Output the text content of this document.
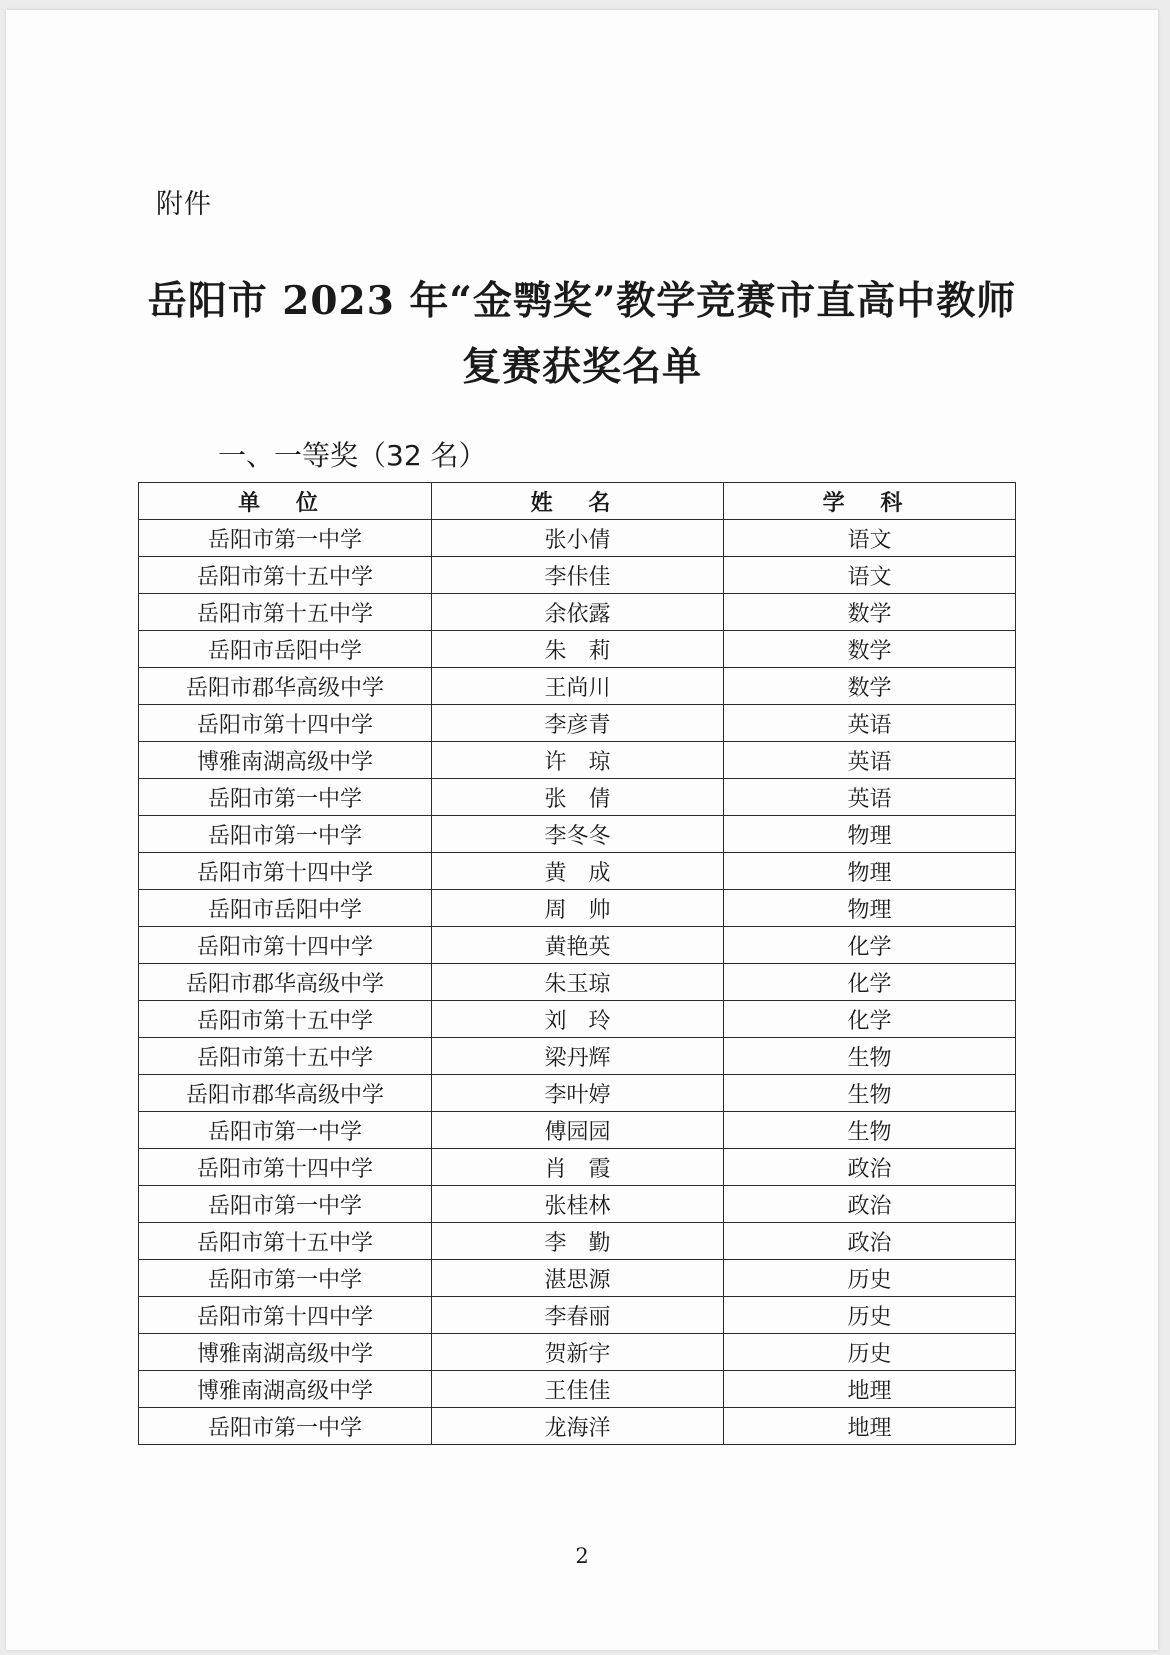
附件
岳阳市 2023 年“金鹗奖”教学竞赛市直高中教师
复赛获奖名单
一、一等奖（32 名）
单 位	姓 名	学 科
岳阳市第一中学	张小倩	语文
岳阳市第十五中学	李佧佳	语文
岳阳市第十五中学	余依露	数学
岳阳市岳阳中学	朱　莉	数学
岳阳市郡华高级中学	王尚川	数学
岳阳市第十四中学	李彦青	英语
博雅南湖高级中学	许　琼	英语
岳阳市第一中学	张　倩	英语
岳阳市第一中学	李冬冬	物理
岳阳市第十四中学	黄　成	物理
岳阳市岳阳中学	周　帅	物理
岳阳市第十四中学	黄艳英	化学
岳阳市郡华高级中学	朱玉琼	化学
岳阳市第十五中学	刘　玲	化学
岳阳市第十五中学	梁丹辉	生物
岳阳市郡华高级中学	李叶婷	生物
岳阳市第一中学	傅园园	生物
岳阳市第十四中学	肖　霞	政治
岳阳市第一中学	张桂林	政治
岳阳市第十五中学	李　勤	政治
岳阳市第一中学	湛思源	历史
岳阳市第十四中学	李春丽	历史
博雅南湖高级中学	贺新宇	历史
博雅南湖高级中学	王佳佳	地理
岳阳市第一中学	龙海洋	地理
2
